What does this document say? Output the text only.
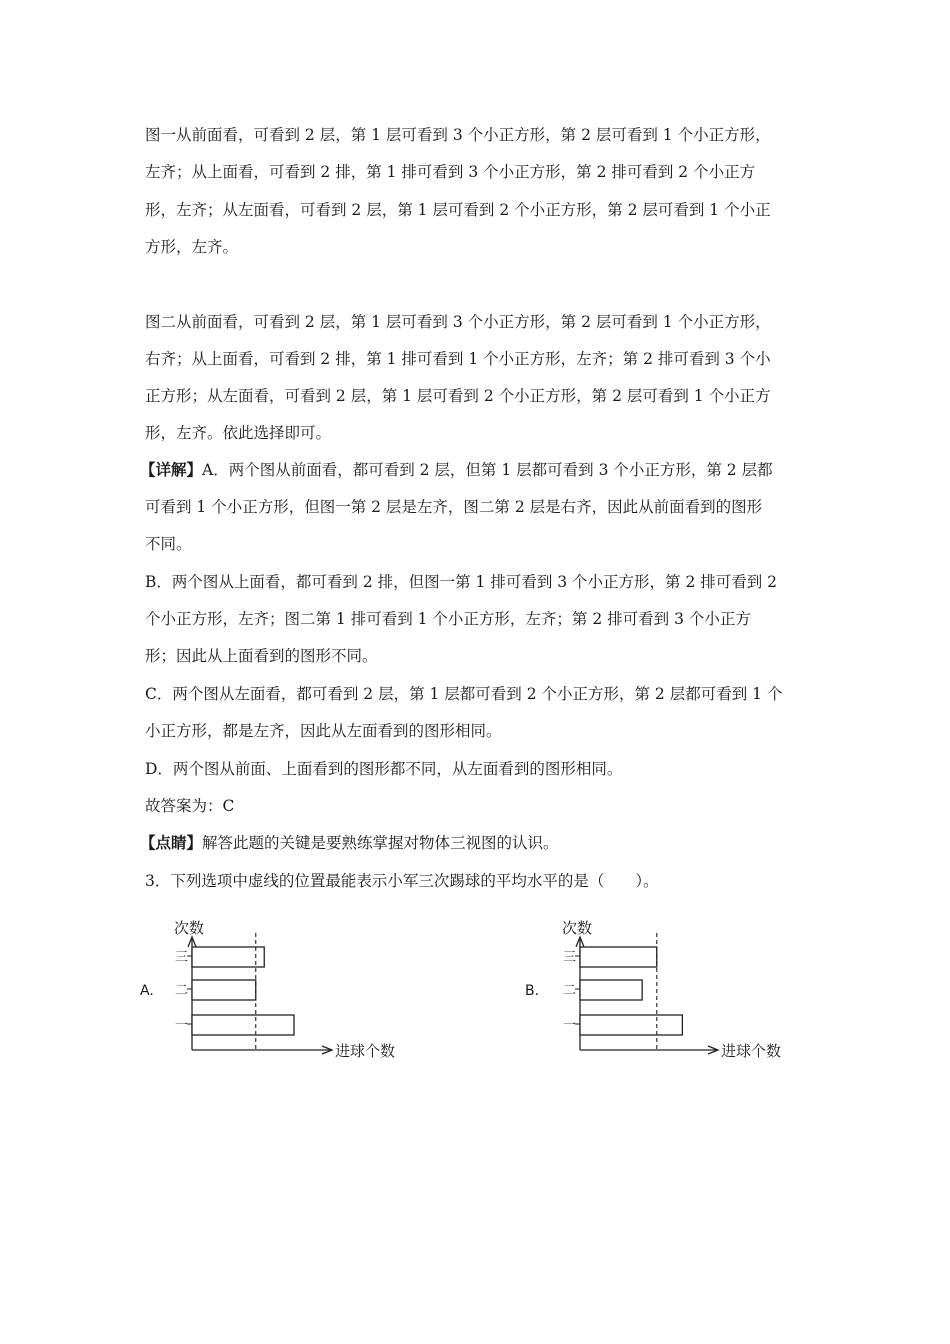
图一从前面看，可看到 2 层，第 1 层可看到 3 个小正方形，第 2 层可看到 1 个小正方形，
左齐；从上面看，可看到 2 排，第 1 排可看到 3 个小正方形，第 2 排可看到 2 个小正方
形，左齐；从左面看，可看到 2 层，第 1 层可看到 2 个小正方形，第 2 层可看到 1 个小正
方形，左齐。
图二从前面看，可看到 2 层，第 1 层可看到 3 个小正方形，第 2 层可看到 1 个小正方形，
右齐；从上面看，可看到 2 排，第 1 排可看到 1 个小正方形，左齐；第 2 排可看到 3 个小
正方形；从左面看，可看到 2 层，第 1 层可看到 2 个小正方形，第 2 层可看到 1 个小正方
形，左齐。依此选择即可。
【详解】A．两个图从前面看，都可看到 2 层，但第 1 层都可看到 3 个小正方形，第 2 层都
可看到 1 个小正方形，但图一第 2 层是左齐，图二第 2 层是右齐，因此从前面看到的图形
不同。
B．两个图从上面看，都可看到 2 排，但图一第 1 排可看到 3 个小正方形，第 2 排可看到 2
个小正方形，左齐；图二第 1 排可看到 1 个小正方形，左齐；第 2 排可看到 3 个小正方
形；因此从上面看到的图形不同。
C．两个图从左面看，都可看到 2 层，第 1 层都可看到 2 个小正方形，第 2 层都可看到 1 个
小正方形，都是左齐，因此从左面看到的图形相同。
D．两个图从前面、上面看到的图形都不同，从左面看到的图形相同。
故答案为：C
【点睛】解答此题的关键是要熟练掌握对物体三视图的认识。
3．下列选项中虚线的位置最能表示小军三次踢球的平均水平的是（　　）。
A.
次数
进球个数
三
二
一
B.
次数
进球个数
三
二
一
